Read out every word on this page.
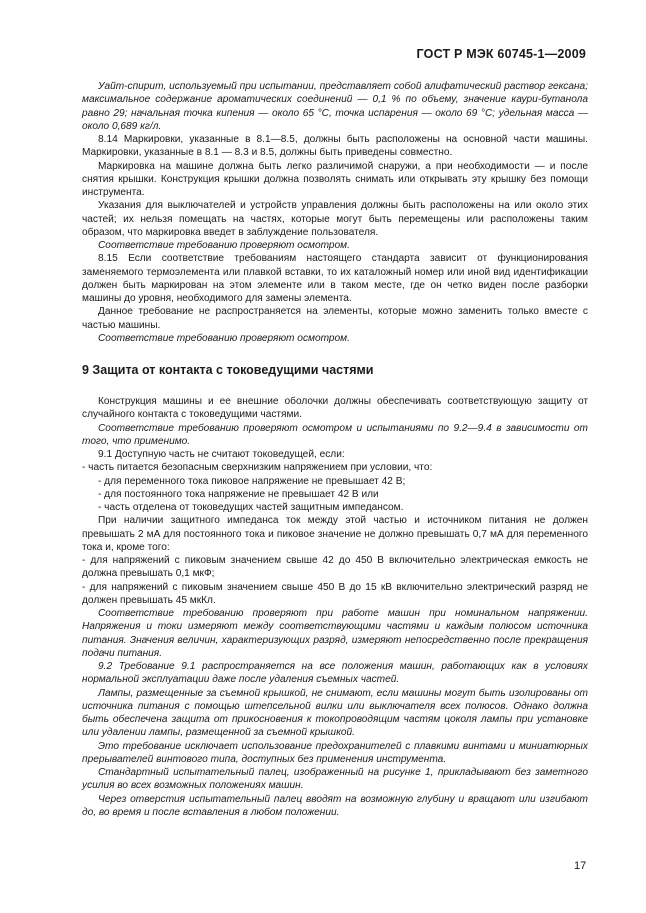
ГОСТ Р МЭК 60745-1—2009

Уайт-спирит, используемый при испытании, представляет собой алифатический раствор гексана; максимальное содержание ароматических соединений — 0,1 % по объему, значение каури-бутанола равно 29; начальная точка кипения — около 65 °С, точка испарения — около 69 °С; удельная масса — около 0,689 кг/л.

8.14 Маркировки, указанные в 8.1—8.5, должны быть расположены на основной части машины. Маркировки, указанные в 8.1 — 8.3 и 8.5, должны быть приведены совместно.

Маркировка на машине должна быть легко различимой снаружи, а при необходимости — и после снятия крышки. Конструкция крышки должна позволять снимать или открывать эту крышку без помощи инструмента.

Указания для выключателей и устройств управления должны быть расположены на или около этих частей; их нельзя помещать на частях, которые могут быть перемещены или расположены таким образом, что маркировка введет в заблуждение пользователя.

Соответствие требованию проверяют осмотром.

8.15 Если соответствие требованиям настоящего стандарта зависит от функционирования заменяемого термоэлемента или плавкой вставки, то их каталожный номер или иной вид идентификации должен быть маркирован на этом элементе или в таком месте, где он четко виден после разборки машины до уровня, необходимого для замены элемента.

Данное требование не распространяется на элементы, которые можно заменить только вместе с частью машины.

Соответствие требованию проверяют осмотром.

9 Защита от контакта с токоведущими частями

Конструкция машины и ее внешние оболочки должны обеспечивать соответствующую защиту от случайного контакта с токоведущими частями.

Соответствие требованию проверяют осмотром и испытаниями по 9.2—9.4 в зависимости от того, что применимо.

9.1 Доступную часть не считают токоведущей, если:

- часть питается безопасным сверхнизким напряжением при условии, что:

- для переменного тока пиковое напряжение не превышает 42 В;

- для постоянного тока напряжение не превышает 42 В или

- часть отделена от токоведущих частей защитным импедансом.

При наличии защитного импеданса ток между этой частью и источником питания не должен превышать 2 мА для постоянного тока и пиковое значение не должно превышать 0,7 мА для переменного тока и, кроме того:

- для напряжений с пиковым значением свыше 42 до 450 В включительно электрическая емкость не должна превышать 0,1 мкФ;

- для напряжений с пиковым значением свыше 450 В до 15 кВ включительно электрический разряд не должен превышать 45 мкКл.

Соответствие требованию проверяют при работе машин при номинальном напряжении. Напряжения и токи измеряют между соответствующими частями и каждым полюсом источника питания. Значения величин, характеризующих разряд, измеряют непосредственно после прекращения подачи питания.

9.2 Требование 9.1 распространяется на все положения машин, работающих как в условиях нормальной эксплуатации даже после удаления съемных частей.

Лампы, размещенные за съемной крышкой, не снимают, если машины могут быть изолированы от источника питания с помощью штепсельной вилки или выключателя всех полюсов. Однако должна быть обеспечена защита от прикосновения к токопроводящим частям цоколя лампы при установке или удалении лампы, размещенной за съемной крышкой.

Это требование исключает использование предохранителей с плавкими винтами и миниатюрных прерывателей винтового типа, доступных без применения инструмента.

Стандартный испытательный палец, изображенный на рисунке 1, прикладывают без заметного усилия во всех возможных положениях машин.

Через отверстия испытательный палец вводят на возможную глубину и вращают или изгибают до, во время и после вставления в любом положении.

17
